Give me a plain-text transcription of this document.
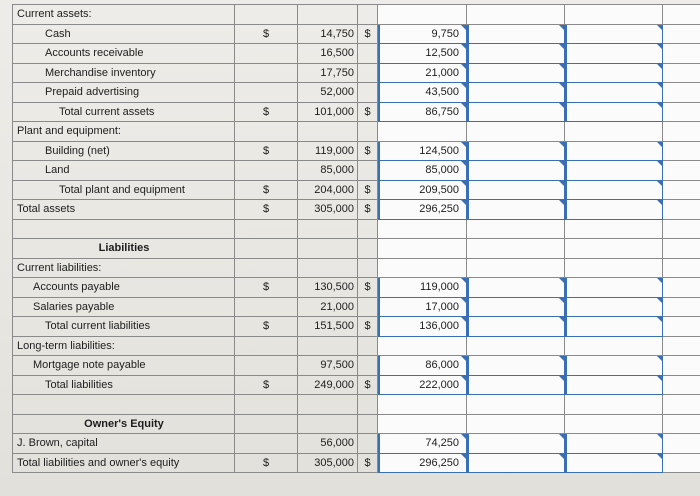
Current assets:				

Cash	$	14,750	$	9,750			

Accounts receivable		16,500		12,500			

Merchandise inventory		17,750		21,000			

Prepaid advertising		52,000		43,500			

Total current assets	$	101,000	$	86,750			

Plant and equipment:				

Building (net)	$	119,000	$	124,500			

Land		85,000		85,000			

Total plant and equipment	$	204,000	$	209,500			

Total assets	$	305,000	$	296,250			

Liabilities				

Current liabilities:				

Accounts payable	$	130,500	$	119,000			

Salaries payable		21,000		17,000			

Total current liabilities	$	151,500	$	136,000			

Long-term liabilities:				

Mortgage note payable		97,500		86,000			

Total liabilities	$	249,000	$	222,000			

Owner's Equity				

J. Brown, capital		56,000		74,250			

Total liabilities and owner's equity	$	305,000	$	296,250			
